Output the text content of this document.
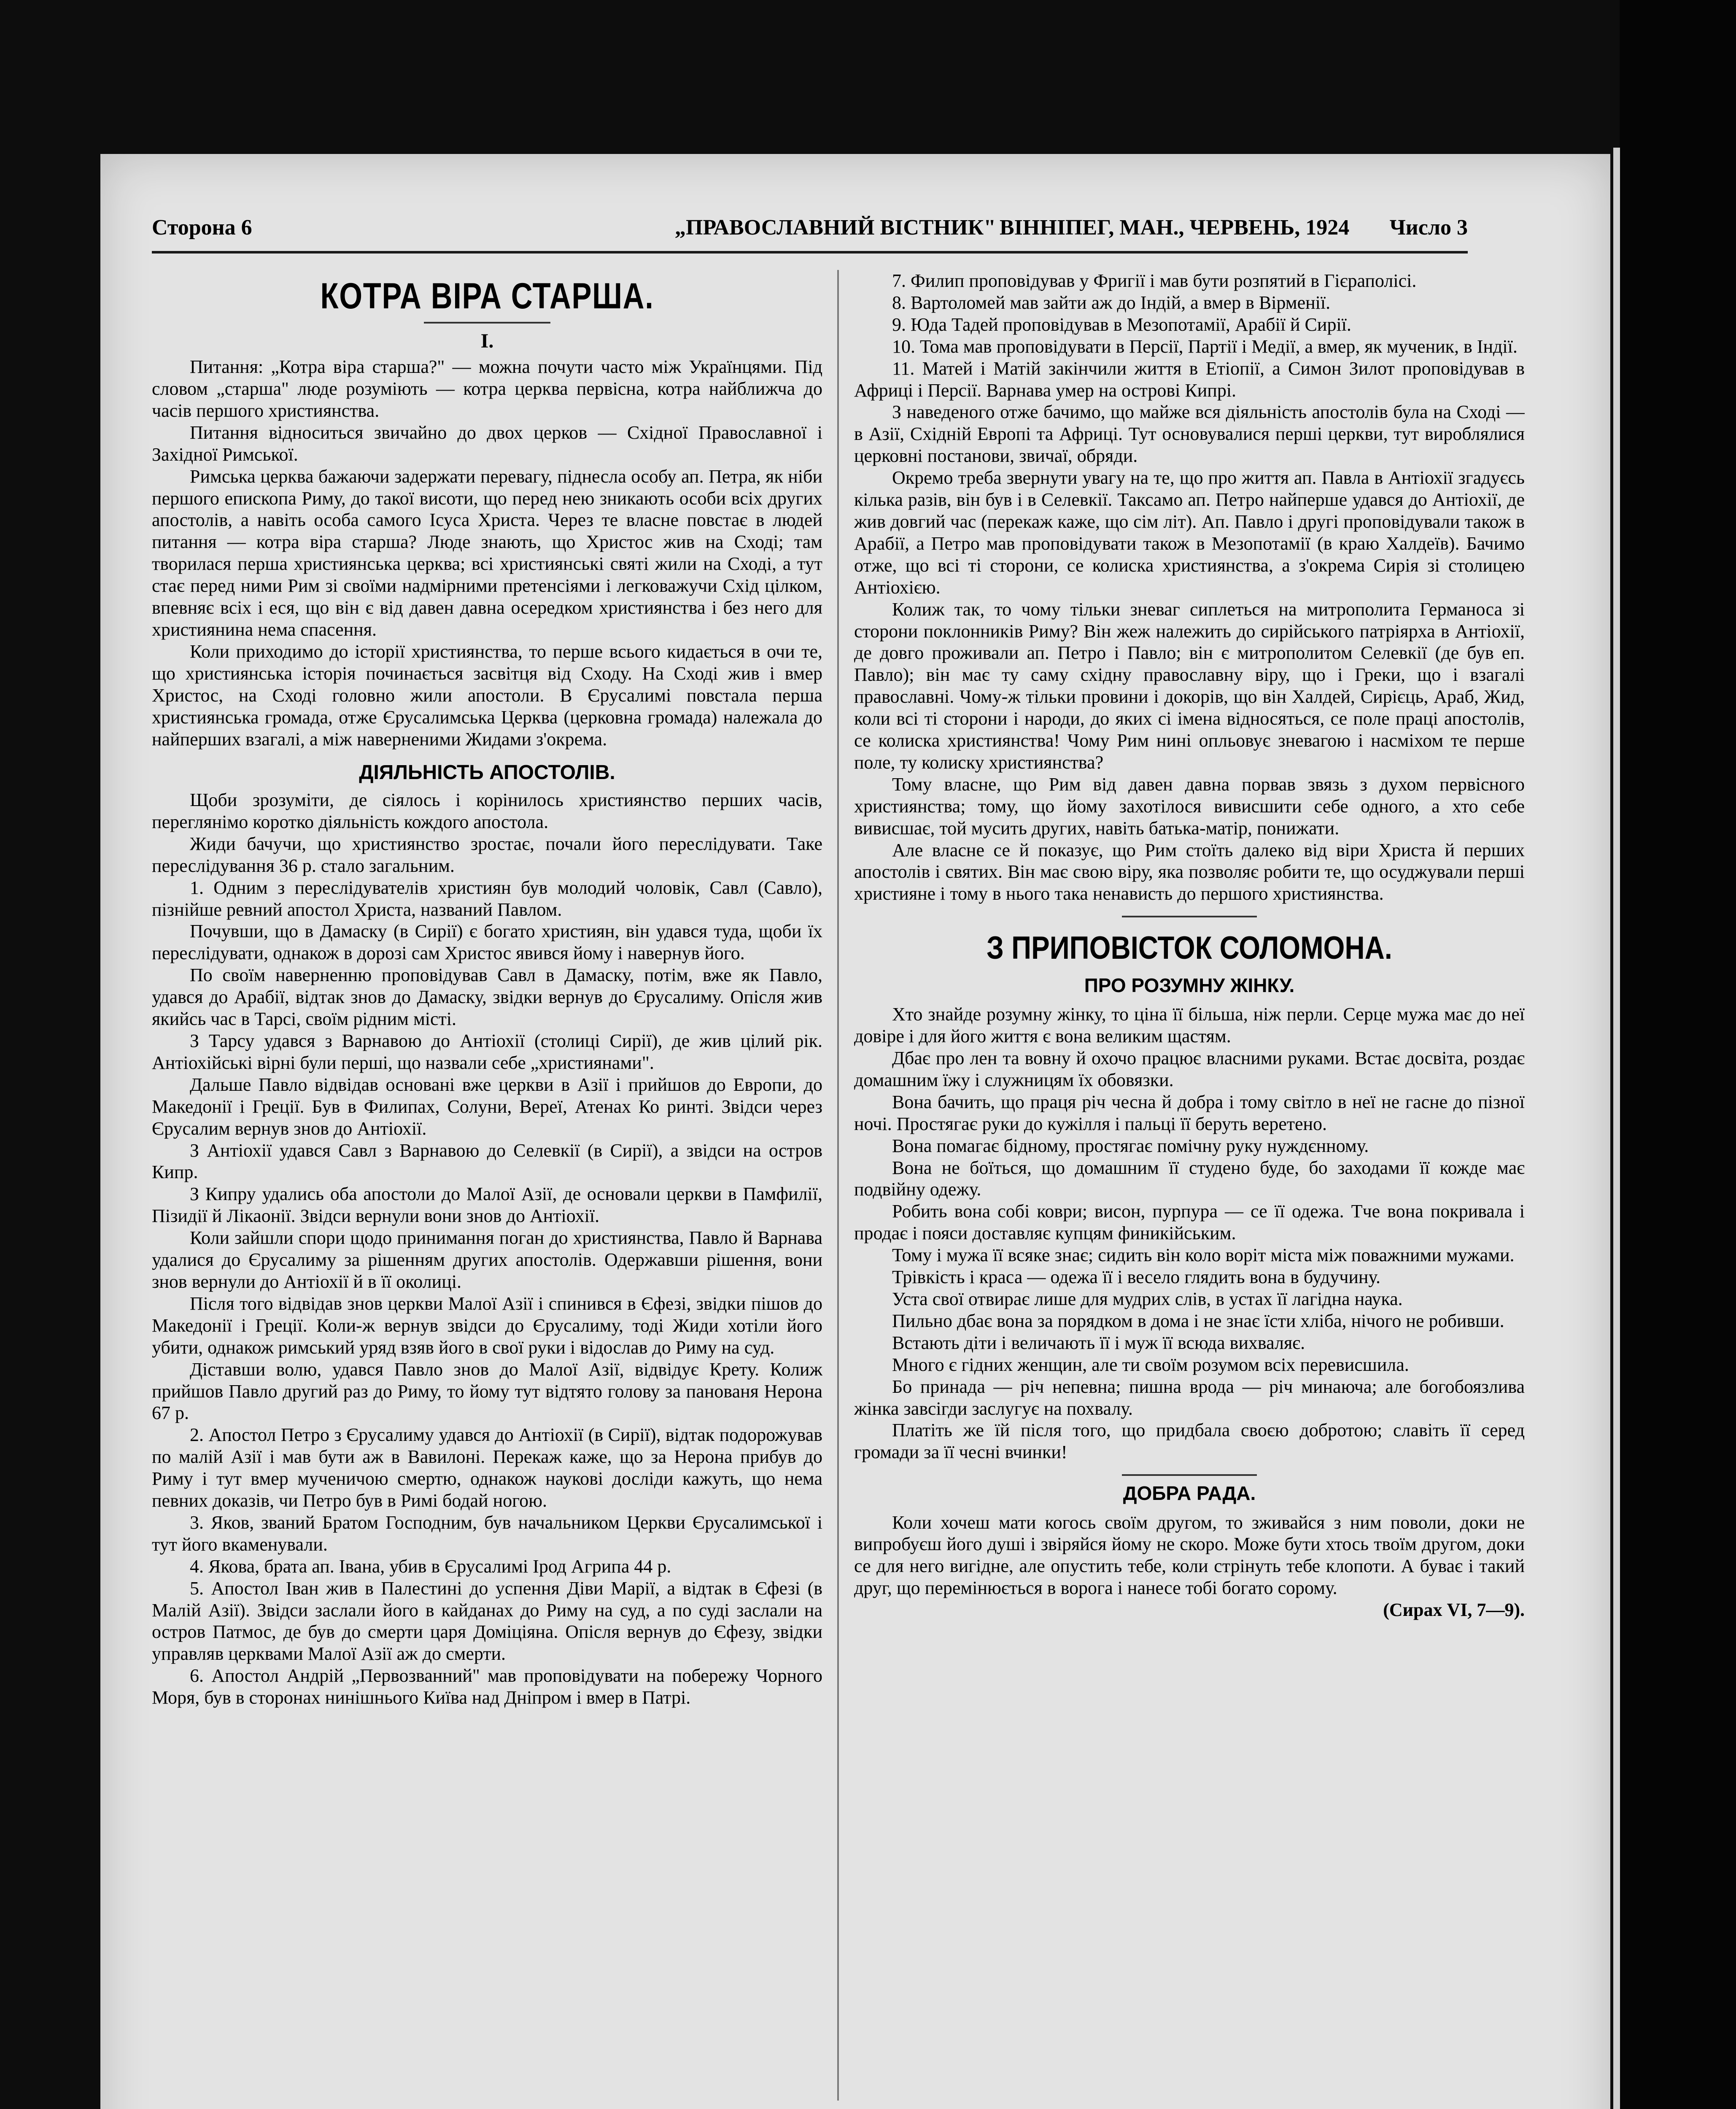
Сторона 6	„ПРАВОСЛАВНИЙ ВІСТНИК" ВІННІПЕГ, МАН., ЧЕРВЕНЬ, 1924 Число 3
КОТРА ВІРА СТАРША.
І.

Питання: „Котра віра старша?" — можна почути часто між Українцями. Під словом „старша" люде розуміють — котра церква первісна, котра найближча до часів першого християнства.

Питання відноситься звичайно до двох церков — Східної Православної і Західної Римської.

Римська церква бажаючи задержати перевагу, піднесла особу ап. Петра, як ніби першого епископа Риму, до такої висоти, що перед нею зникають особи всіх других апостолів, а навіть особа самого Ісуса Христа. Через те власне повстає в людей питання — котра віра старша? Люде знають, що Христос жив на Сході; там творилася перша християнська церква; всі християнські святі жили на Сході, а тут стає перед ними Рим зі своїми надмірними претенсіями і легковажучи Схід цілком, впевняє всіх і еся, що він є від давен давна осередком християнства і без него для християнина нема спасення.

Коли приходимо до історії християнства, то перше всього кидається в очи те, що християнська історія починається засвітця від Сходу. На Сході жив і вмер Христос, на Сході головно жили апостоли. В Єрусалимі повстала перша християнська громада, отже Єрусалимська Церква (церковна громада) належала до найперших взагалі, а між наверненими Жидами з'окрема.

ДІЯЛЬНІСТЬ АПОСТОЛІВ.

Щоби зрозуміти, де сіялось і корінилось християнство перших часів, переглянімо коротко діяльність кождого апостола.

Жиди бачучи, що християнство зростає, почали його переслідувати. Таке переслідування 36 р. стало загальним.

1. Одним з переслідувателів християн був молодий чоловік, Савл (Савло), пізнійше ревний апостол Христа, названий Павлом.

Почувши, що в Дамаску (в Сирії) є богато християн, він удався туда, щоби їх переслідувати, однакож в дорозі сам Христос явився йому і навернув його.

По своїм наверненню проповідував Савл в Дамаску, потім, вже як Павло, удався до Арабії, відтак знов до Дамаску, звідки вернув до Єрусалиму. Опісля жив якийсь час в Тарсі, своїм рідним місті.

З Тарсу удався з Варнавою до Антіохії (столиці Сирії), де жив цілий рік. Антіохійські вірні були перші, що назвали себе „християнами".

Дальше Павло відвідав основані вже церкви в Азії і прийшов до Европи, до Македонії і Греції. Був в Филипах, Солуни, Вереї, Атенах Ко ринті. Звідси через Єрусалим вернув знов до Антіохії.

З Антіохії удався Савл з Варнавою до Селевкії (в Сирії), а звідси на остров Кипр.

З Кипру удались оба апостоли до Малої Азії, де основали церкви в Памфилії, Пізидії й Лікаонії. Звідси вернули вони знов до Антіохії.

Коли зайшли спори щодо принимання поган до християнства, Павло й Варнава удалися до Єрусалиму за рішенням других апостолів. Одержавши рішення, вони знов вернули до Антіохії й в її околиці.

Після того відвідав знов церкви Малої Азії і спинився в Єфезі, звідки пішов до Македонії і Греції. Коли-ж вернув звідси до Єрусалиму, тоді Жиди хотіли його убити, однакож римський уряд взяв його в свої руки і відослав до Риму на суд.

Діставши волю, удався Павло знов до Малої Азії, відвідує Крету. Колиж прийшов Павло другий раз до Риму, то йому тут відтято голову за панованя Нерона 67 р.

2. Апостол Петро з Єрусалиму удався до Антіохії (в Сирії), відтак подорожував по малій Азії і мав бути аж в Вавилоні. Перекаж каже, що за Нерона прибув до Риму і тут вмер мученичою смертю, однакож наукові досліди кажуть, що нема певних доказів, чи Петро був в Римі бодай ногою.

3. Яков, званий Братом Господним, був начальником Церкви Єрусалимської і тут його вкаменували.

4. Якова, брата ап. Івана, убив в Єрусалимі Ірод Агрипа 44 р.

5. Апостол Іван жив в Палестині до успення Діви Марії, а відтак в Єфезі (в Малій Азії). Звідси заслали його в кайданах до Риму на суд, а по суді заслали на остров Патмос, де був до смерти царя Доміціяна. Опісля вернув до Єфезу, звідки управляв церквами Малої Азії аж до смерти.

6. Апостол Андрій „Первозванний" мав проповідувати на побережу Чорного Моря, був в сторонах нинішнього Київа над Дніпром і вмер в Патрі.

7. Филип проповідував у Фригії і мав бути розпятий в Гієраполісі.

8. Вартоломей мав зайти аж до Індій, а вмер в Вірменії.

9. Юда Тадей проповідував в Мезопотамії, Арабії й Сирії.

10. Тома мав проповідувати в Персії, Партії і Медії, а вмер, як мученик, в Індії.

11. Матей і Матій закінчили життя в Етіопії, а Симон Зилот проповідував в Африці і Персії. Варнава умер на острові Кипрі.

З наведеного отже бачимо, що майже вся діяльність апостолів була на Сході — в Азії, Східній Европі та Африці. Тут основувалися перші церкви, тут вироблялися церковні постанови, звичаї, обряди.

Окремо треба звернути увагу на те, що про життя ап. Павла в Антіохії згадуєсь кілька разів, він був і в Селевкії. Таксамо ап. Петро найперше удався до Антіохії, де жив довгий час (перекаж каже, що сім літ). Ап. Павло і другі проповідували також в Арабії, а Петро мав проповідувати також в Мезопотамії (в краю Халдеїв). Бачимо отже, що всі ті сторони, се колиска християнства, а з'окрема Сирія зі столицею Антіохією.

Колиж так, то чому тільки зневаг сиплеться на митрополита Германоса зі сторони поклонників Риму? Він жеж належить до сирійського патріярха в Антіохії, де довго проживали ап. Петро і Павло; він є митрополитом Селевкії (де був еп. Павло); він має ту саму східну православну віру, що і Греки, що і взагалі православні. Чому-ж тільки провини і докорів, що він Халдей, Сирієць, Араб, Жид, коли всі ті сторони і народи, до яких сі імена відносяться, се поле праці апостолів, се колиска християнства! Чому Рим нині опльовує зневагою і насміхом те перше поле, ту колиску християнства?

Тому власне, що Рим від давен давна порвав звязь з духом первісного християнства; тому, що йому захотілося вивисшити себе одного, а хто себе вивисшає, той мусить других, навіть батька-матір, понижати.

Але власне се й показує, що Рим стоїть далеко від віри Христа й перших апостолів і святих. Він має свою віру, яка позволяє робити те, що осуджували перші християне і тому в нього така ненависть до першого християнства.

З ПРИПОВІСТОК СОЛОМОНА.
ПРО РОЗУМНУ ЖІНКУ.

Хто знайде розумну жінку, то ціна її більша, ніж перли. Серце мужа має до неї довіре і для його життя є вона великим щастям.

Дбає про лен та вовну й охочо працює власними руками. Встає досвіта, роздає домашним їжу і служницям їх обовязки.

Вона бачить, що праця річ чесна й добра і тому світло в неї не гасне до пізної ночі. Простягає руки до кужілля і пальці її беруть веретено.

Вона помагає бідному, простягає помічну руку нуждєнному.

Вона не боїться, що домашним її студено буде, бо заходами її кожде має подвійну одежу.

Робить вона собі коври; висон, пурпура — се її одежа. Тче вона покривала і продає і пояси доставляє купцям финикійським.

Тому і мужа її всяке знає; сидить він коло воріт міста між поважними мужами.

Трівкість і краса — одежа її і весело глядить вона в будучину.

Уста свої отвирає лише для мудрих слів, в устах її лагідна наука.

Пильно дбає вона за порядком в дома і не знає їсти хліба, нічого не робивши.

Встають діти і величають її і муж її всюда вихваляє.

Много є гідних женщин, але ти своїм розумом всіх перевисшила.

Бо принада — річ непевна; пишна врода — річ минаюча; але богобоязлива жінка завсігди заслугує на похвалу.

Платіть же їй після того, що придбала своєю добротою; славіть її серед громади за її чесні вчинки!

ДОБРА РАДА.

Коли хочеш мати когось своїм другом, то зживайся з ним поволи, доки не випробуєш його душі і звіряйся йому не скоро. Може бути хтось твоїм другом, доки се для него вигідне, але опустить тебе, коли стрінуть тебе клопоти. А буває і такий друг, що перемінюється в ворога і нанесе тобі богато сорому.

(Сирах VI, 7—9).
